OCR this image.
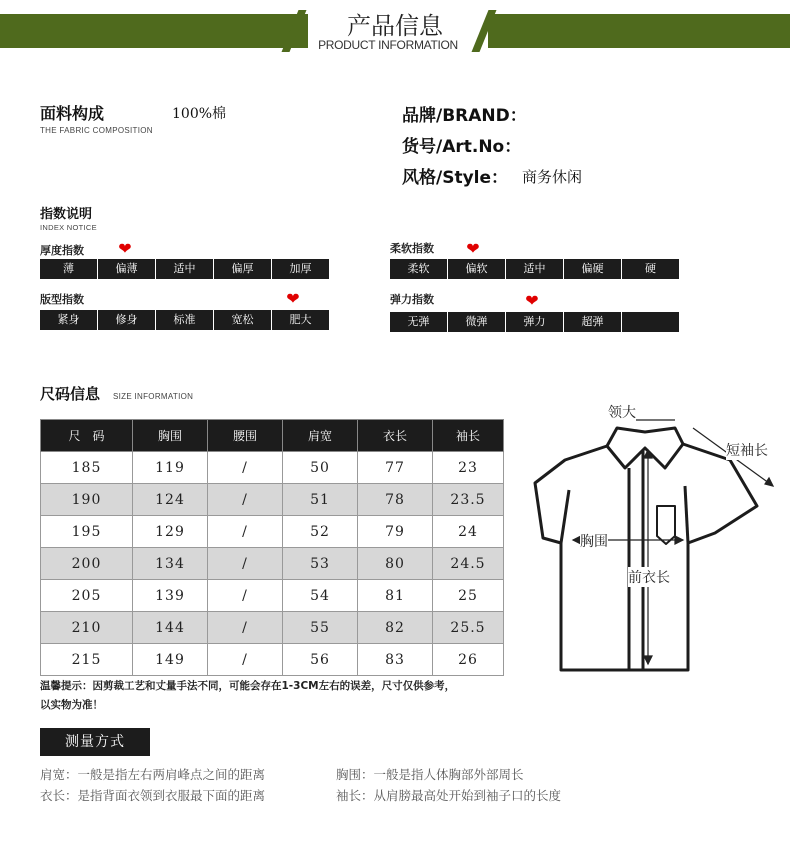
产品信息
PRODUCT INFORMATION
面料构成
THE FABRIC COMPOSITION
100%棉	品牌/BRAND：
货号/Art.No：
风格/Style： 商务休闲
指数说明
INDEX NOTICE
厚度指数
薄	偏薄	适中	偏厚	加厚
❤	柔软指数
柔软	偏软	适中	偏硬	硬
❤
版型指数
紧身	修身	标准	宽松	肥大
❤	弹力指数
无弹	微弹	弹力	超弹
❤
尺码信息 SIZE INFORMATION
尺　码	胸围	腰围	肩宽	衣长	袖长
185	119	/	50	77	23
190	124	/	51	78	23.5
195	129	/	52	79	24
200	134	/	53	80	24.5
205	139	/	54	81	25
210	144	/	55	82	25.5
215	149	/	56	83	26
温馨提示：因剪裁工艺和丈量手法不同，可能会存在1-3CM左右的误差，尺寸仅供参考，
以实物为准！
领大
短袖长
胸围
前衣长
测量方式
肩宽：一般是指左右两肩峰点之间的距离	胸围：一般是指人体胸部外部周长
衣长：是指背面衣领到衣服最下面的距离	袖长：从肩膀最高处开始到袖子口的长度
